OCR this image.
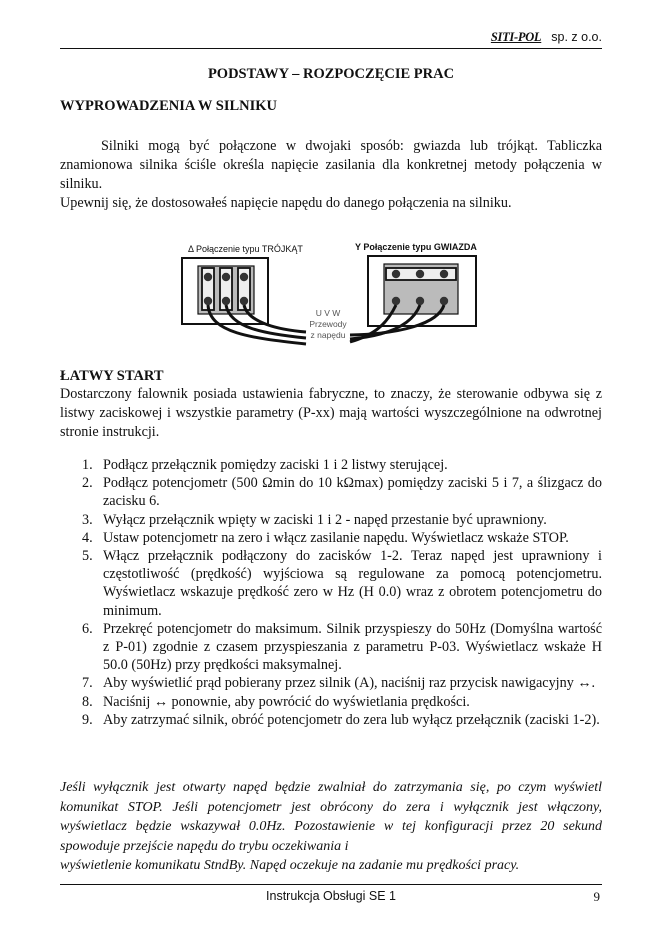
SITI-POL sp. z o.o.
PODSTAWY – ROZPOCZĘCIE PRAC
WYPROWADZENIA W SILNIKU
Silniki mogą być połączone w dwojaki sposób: gwiazda lub trójkąt. Tabliczka znamionowa silnika ściśle określa napięcie zasilania dla konkretnej metody połączenia w silniku.
Upewnij się, że dostosowałeś napięcie napędu do danego połączenia na silniku.
Δ Połączenie typu TRÓJKĄT	Y Połączenie typu GWIAZDA
U V W
Przewody
z napędu
ŁATWY START
Dostarczony falownik posiada ustawienia fabryczne, to znaczy, że sterowanie odbywa się z listwy zaciskowej i wszystkie parametry (P-xx) mają wartości wyszczególnione na odwrotnej stronie instrukcji.
1. Podłącz przełącznik pomiędzy zaciski 1 i 2 listwy sterującej.
2. Podłącz potencjometr (500 Ωmin do 10 kΩmax) pomiędzy zaciski 5 i 7, a ślizgacz do zacisku 6.
3. Wyłącz przełącznik wpięty w zaciski 1 i 2 - napęd przestanie być uprawniony.
4. Ustaw potencjometr na zero i włącz zasilanie napędu. Wyświetlacz wskaże STOP.
5. Włącz przełącznik podłączony do zacisków 1-2. Teraz napęd jest uprawniony i częstotliwość (prędkość) wyjściowa są regulowane za pomocą potencjometru. Wyświetlacz wskazuje prędkość zero w Hz (H 0.0) wraz z obrotem potencjometru do minimum.
6. Przekręć potencjometr do maksimum. Silnik przyspieszy do 50Hz (Domyślna wartość z P-01) zgodnie z czasem przyspieszania z parametru P-03. Wyświetlacz wskaże H 50.0 (50Hz) przy prędkości maksymalnej.
7. Aby wyświetlić prąd pobierany przez silnik (A), naciśnij raz przycisk nawigacyjny ↔.
8. Naciśnij ↔ ponownie, aby powrócić do wyświetlania prędkości.
9. Aby zatrzymać silnik, obróć potencjometr do zera lub wyłącz przełącznik (zaciski 1-2).
Jeśli wyłącznik jest otwarty napęd będzie zwalniał do zatrzymania się, po czym wyświetl komunikat STOP. Jeśli potencjometr jest obrócony do zera i wyłącznik jest włączony, wyświetlacz będzie wskazywał 0.0Hz. Pozostawienie w tej konfiguracji przez 20 sekund spowoduje przejście napędu do trybu oczekiwania i
wyświetlenie komunikatu StndBy. Napęd oczekuje na zadanie mu prędkości pracy.
Instrukcja Obsługi SE 1	9
